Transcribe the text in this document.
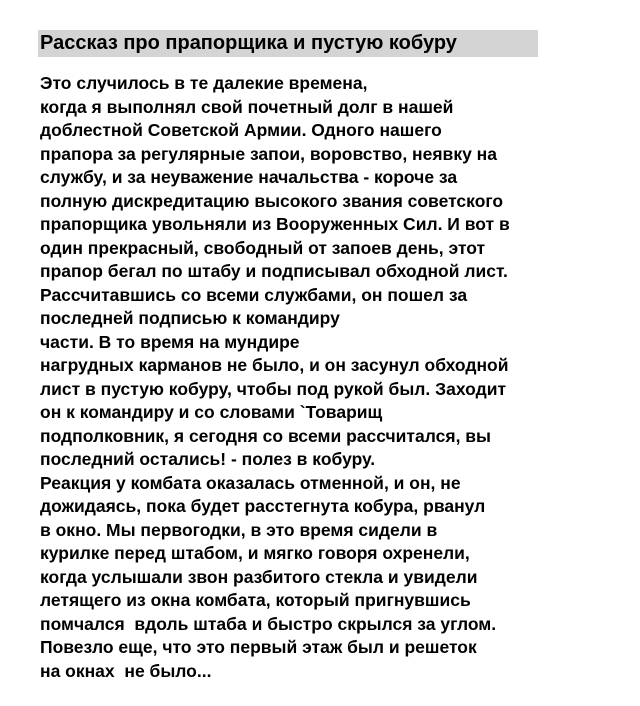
Рассказ про прапорщика и пустую кобуру
Это случилось в те далекие времена,
когда я выполнял свой почетный долг в нашей
доблестной Советской Армии. Одного нашего
прапора за регулярные запои, воровство, неявку на
службу, и за неуважение начальства - короче за
полную дискредитацию высокого звания советского
прапорщика увольняли из Вооруженных Сил. И вот в
один прекрасный, свободный от запоев день, этот
прапор бегал по штабу и подписывал обходной лист.
Рассчитавшись со всеми службами, он пошел за
последней подписью к командиру
части. В то время на мундире
нагрудных карманов не было, и он засунул обходной
лист в пустую кобуру, чтобы под рукой был. Заходит
он к командиру и со словами `Товарищ
подполковник, я сегодня со всеми рассчитался, вы
последний остались! - полез в кобуру.
Реакция у комбата оказалась отменной, и он, не
дожидаясь, пока будет расстегнута кобура, рванул
в окно. Мы первогодки, в это время сидели в
курилке перед штабом, и мягко говоря охренели,
когда услышали звон разбитого стекла и увидели
летящего из окна комбата, который пригнувшись
помчался  вдоль штаба и быстро скрылся за углом.
Повезло еще, что это первый этаж был и решеток
на окнах  не было...
